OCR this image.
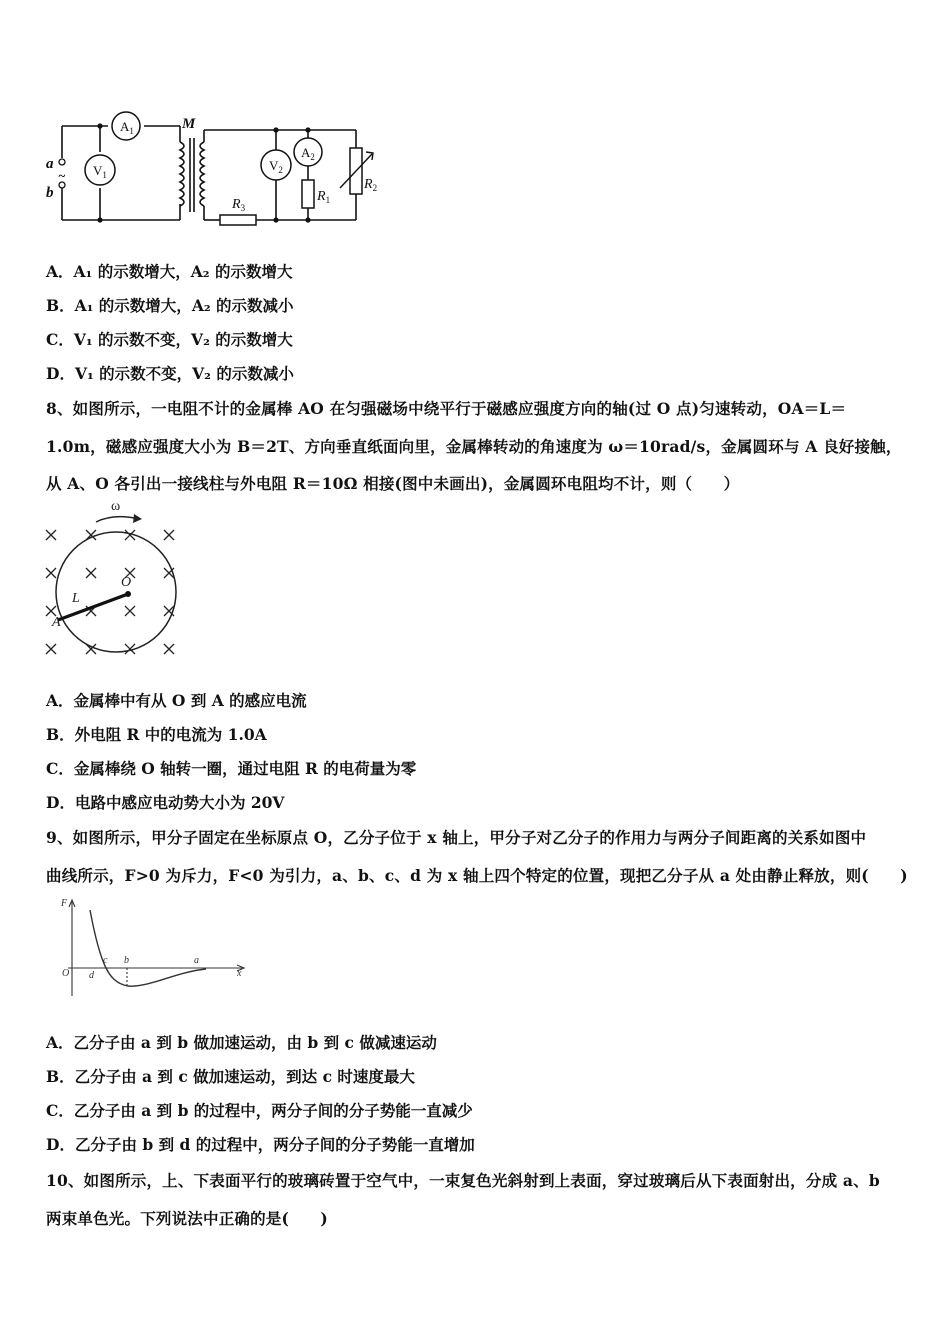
a
b
~
M
$A_1$
$V_1$
$V_2$
$A_2$
$R_1$
$R_2$
$R_3$
A．A₁ 的示数增大，A₂ 的示数增大
B．A₁ 的示数增大，A₂ 的示数减小
C．V₁ 的示数不变，V₂ 的示数增大
D．V₁ 的示数不变，V₂ 的示数减小
8、如图所示，一电阻不计的金属棒 AO 在匀强磁场中绕平行于磁感应强度方向的轴(过 O 点)匀速转动，OA＝L＝
1.0m，磁感应强度大小为 B＝2T、方向垂直纸面向里，金属棒转动的角速度为 ω＝10rad/s，金属圆环与 A 良好接触，
从 A、O 各引出一接线柱与外电阻 R＝10Ω 相接(图中未画出)，金属圆环电阻均不计，则（　　）
ω
O
L
A
A．金属棒中有从 O 到 A 的感应电流
B．外电阻 R 中的电流为 1.0A
C．金属棒绕 O 轴转一圈，通过电阻 R 的电荷量为零
D．电路中感应电动势大小为 20V
9、如图所示，甲分子固定在坐标原点 O，乙分子位于 x 轴上，甲分子对乙分子的作用力与两分子间距离的关系如图中
曲线所示，F>0 为斥力，F<0 为引力，a、b、c、d 为 x 轴上四个特定的位置，现把乙分子从 a 处由静止释放，则(　　)
F
O	x
a
b
c
d
A．乙分子由 a 到 b 做加速运动，由 b 到 c 做减速运动
B．乙分子由 a 到 c 做加速运动，到达 c 时速度最大
C．乙分子由 a 到 b 的过程中，两分子间的分子势能一直减少
D．乙分子由 b 到 d 的过程中，两分子间的分子势能一直增加
10、如图所示，上、下表面平行的玻璃砖置于空气中，一束复色光斜射到上表面，穿过玻璃后从下表面射出，分成 a、b
两束单色光。下列说法中正确的是(　　)
